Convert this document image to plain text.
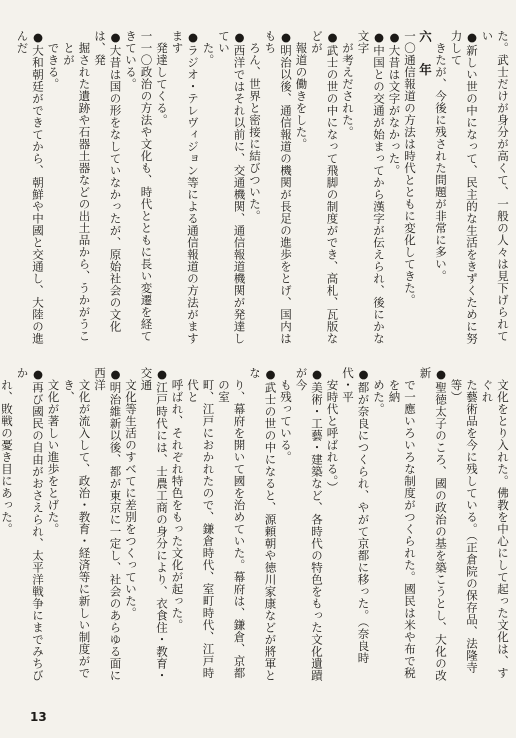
た。武士だけが身分が高くて、一般の人々は見下げられてい
●新しい世の中になって、民主的な生活をきずくために努力して
きたが、今後に残された問題が非常に多い。
六　年
一〇通信報道の方法は時代とともに変化してきた。
●大昔は文字がなかった。
●中国との交通が始まってから漢字が伝えられ、後にかな文字
が考えだされた。
●武士の世の中になって飛脚の制度ができ、高札、瓦版などが
報道の働きをした。
●明治以後、通信報道の機関が長足の進歩をとげ、国内はもち
ろん、世界と密接に結びついた。
●西洋ではそれ以前に、交通機関、通信報道機関が発達してい
た。
●ラジオ・テレヴィジョン等による通信報道の方法がますます
発達してくる。
一一〇政治の方法や文化も、時代とともに長い変遷を経てきている。
●大昔は国の形をなしていなかったが、原始社会の文化は、発
掘された遺跡や石器土器などの出土品から、うかがうことが
できる。
●大和朝廷ができてから、朝鮮や中國と交通し、大陸の進んだ
文化をとり入れた。佛教を中心にして起った文化は、すぐれ
た藝術品を今に残している。（正倉院の保存品、法隆寺等）
●聖徳太子のころ、國の政治の基を築こうとし、大化の改新
で一應いろいろな制度がつくられた。國民は米や布で税を納
めた。
●都が奈良につくられ、やがて京都に移った。（奈良時代・平
安時代と呼ばれる。）
●美術・工藝・建築など、各時代の特色をもった文化遺蹟が今
も残っている。
●武士の世の中になると、源頼朝や徳川家康などが將軍とな
り、幕府を開いて國を治めていた。幕府は、鎌倉、京都の室
町、江戸におかれたので、鎌倉時代、室町時代、江戸時代と
呼ばれ、それぞれ特色をもった文化が起った。
●江戸時代には、士農工商の身分により、衣食住・教育・交通
文化等生活のすべてに差別をつくっていた。
●明治維新以後、都が東京に一定し、社会のあらゆる面に西洋
文化が流入して、政治・教育・経済等に新しい制度ができ、
文化が著しい進歩をとげた。
●再び國民の自由がおさえられ、太平洋戦争にまでみちびか
れ、敗戦の憂き目にあった。
13
